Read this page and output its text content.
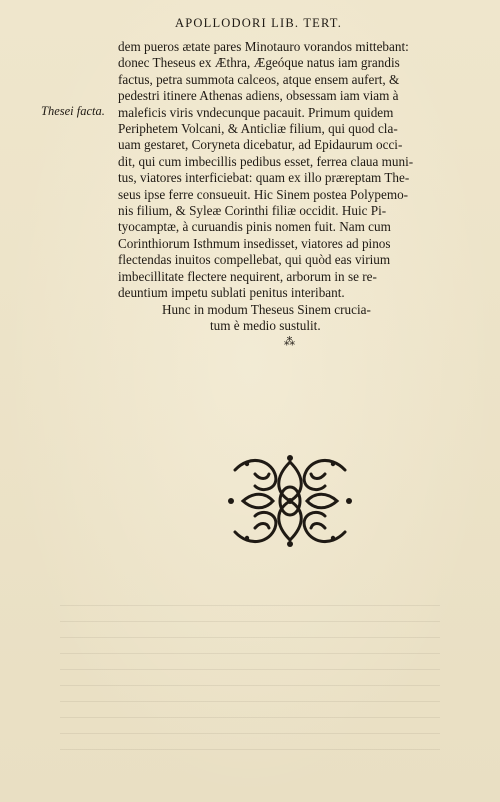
APOLLODORI LIB. TERT.
Thesei facta.
dem pueros ætate pares Minotauro vorandos mittebant:
donec Theseus ex Æthra, Ægeóque natus iam grandis
factus, petra summota calceos, atque ensem aufert, &
pedestri itinere Athenas adiens, obsessam iam viam à
maleficis viris vndecunque pacauit. Primum quidem
Periphetem Volcani, & Anticliæ filium, qui quod cla-
uam gestaret, Coryneta dicebatur, ad Epidaurum occi-
dit, qui cum imbecillis pedibus esset, ferrea claua muni-
tus, viatores interficiebat: quam ex illo præreptam The-
seus ipse ferre consueuit. Hic Sinem postea Polypemo-
nis filium, & Syleæ Corinthi filiæ occidit. Huic Pi-
tyocamptæ, à curuandis pinis nomen fuit. Nam cum
Corinthiorum Isthmum insedisset, viatores ad pinos
flectendas inuitos compellebat, qui quòd eas virium
imbecillitate flectere nequirent, arborum in se re-
deuntium impetu sublati penitus interibant.
Hunc in modum Theseus Sinem crucia-
tum è medio sustulit.
⁂
